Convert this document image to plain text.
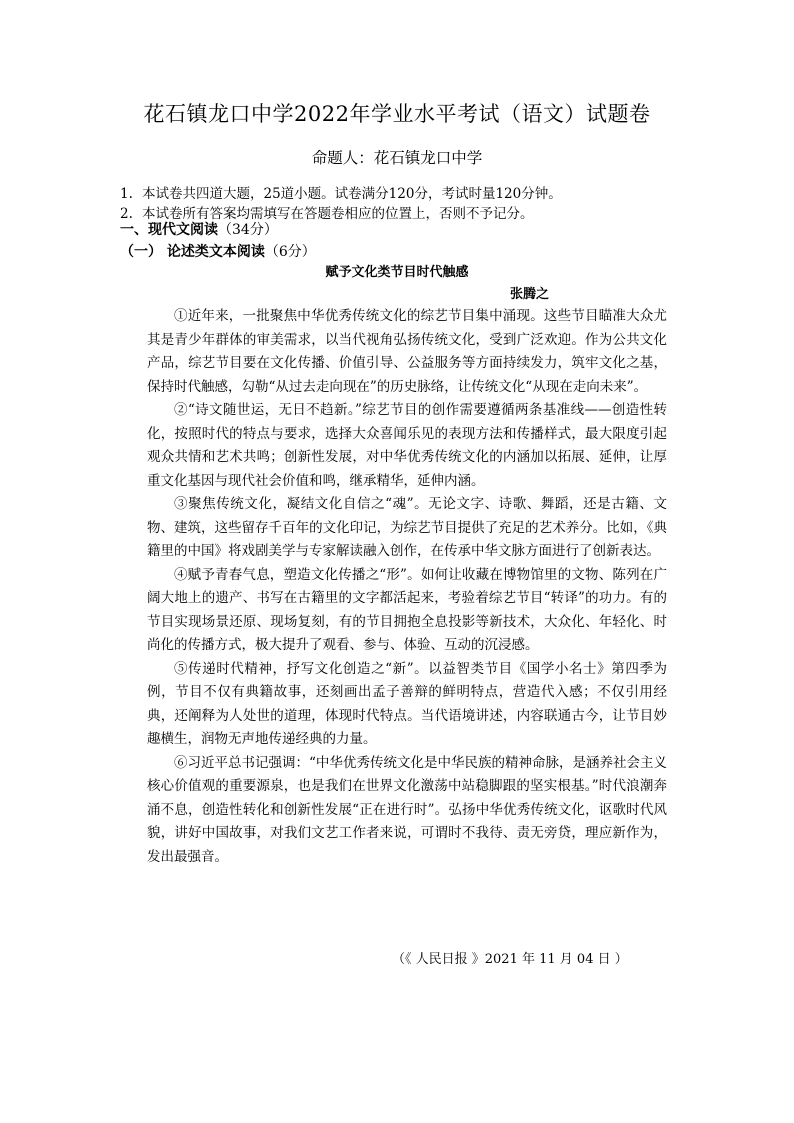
花石镇龙口中学2022年学业水平考试（语文）试题卷
命题人：花石镇龙口中学
1. 本试卷共四道大题，25道小题。试卷满分120分，考试时量120分钟。
2. 本试卷所有答案均需填写在答题卷相应的位置上，否则不予记分。
一、现代文阅读（34分）
（一） 论述类文本阅读（6分）
赋予文化类节目时代触感
张腾之

①近年来，一批聚焦中华优秀传统文化的综艺节目集中涌现。这些节目瞄准大众尤其是青少年群体的审美需求，以当代视角弘扬传统文化，受到广泛欢迎。作为公共文化产品，综艺节目要在文化传播、价值引导、公益服务等方面持续发力，筑牢文化之基，保持时代触感，勾勒“从过去走向现在”的历史脉络，让传统文化“从现在走向未来”。

②“诗文随世运，无日不趋新。”综艺节目的创作需要遵循两条基准线——创造性转化，按照时代的特点与要求，选择大众喜闻乐见的表现方法和传播样式，最大限度引起观众共情和艺术共鸣；创新性发展，对中华优秀传统文化的内涵加以拓展、延伸，让厚重文化基因与现代社会价值和鸣，继承精华，延伸内涵。

③聚焦传统文化，凝结文化自信之“魂”。无论文字、诗歌、舞蹈，还是古籍、文物、建筑，这些留存千百年的文化印记，为综艺节目提供了充足的艺术养分。比如，《典籍里的中国》将戏剧美学与专家解读融入创作，在传承中华文脉方面进行了创新表达。

④赋予青春气息，塑造文化传播之“形”。如何让收藏在博物馆里的文物、陈列在广阔大地上的遗产、书写在古籍里的文字都活起来，考验着综艺节目“转译”的功力。有的节目实现场景还原、现场复刻，有的节目拥抱全息投影等新技术，大众化、年轻化、时尚化的传播方式，极大提升了观看、参与、体验、互动的沉浸感。

⑤传递时代精神，抒写文化创造之“新”。以益智类节目《国学小名士》第四季为例，节目不仅有典籍故事，还刻画出孟子善辩的鲜明特点，营造代入感；不仅引用经典，还阐释为人处世的道理，体现时代特点。当代语境讲述，内容联通古今，让节目妙趣横生，润物无声地传递经典的力量。

⑥习近平总书记强调：“中华优秀传统文化是中华民族的精神命脉，是涵养社会主义核心价值观的重要源泉，也是我们在世界文化激荡中站稳脚跟的坚实根基。”时代浪潮奔涌不息，创造性转化和创新性发展“正在进行时”。弘扬中华优秀传统文化，讴歌时代风貌，讲好中国故事，对我们文艺工作者来说，可谓时不我待、责无旁贷，理应新作为，发出最强音。

（《 人民日报 》2021 年 11 月 04 日 ）
